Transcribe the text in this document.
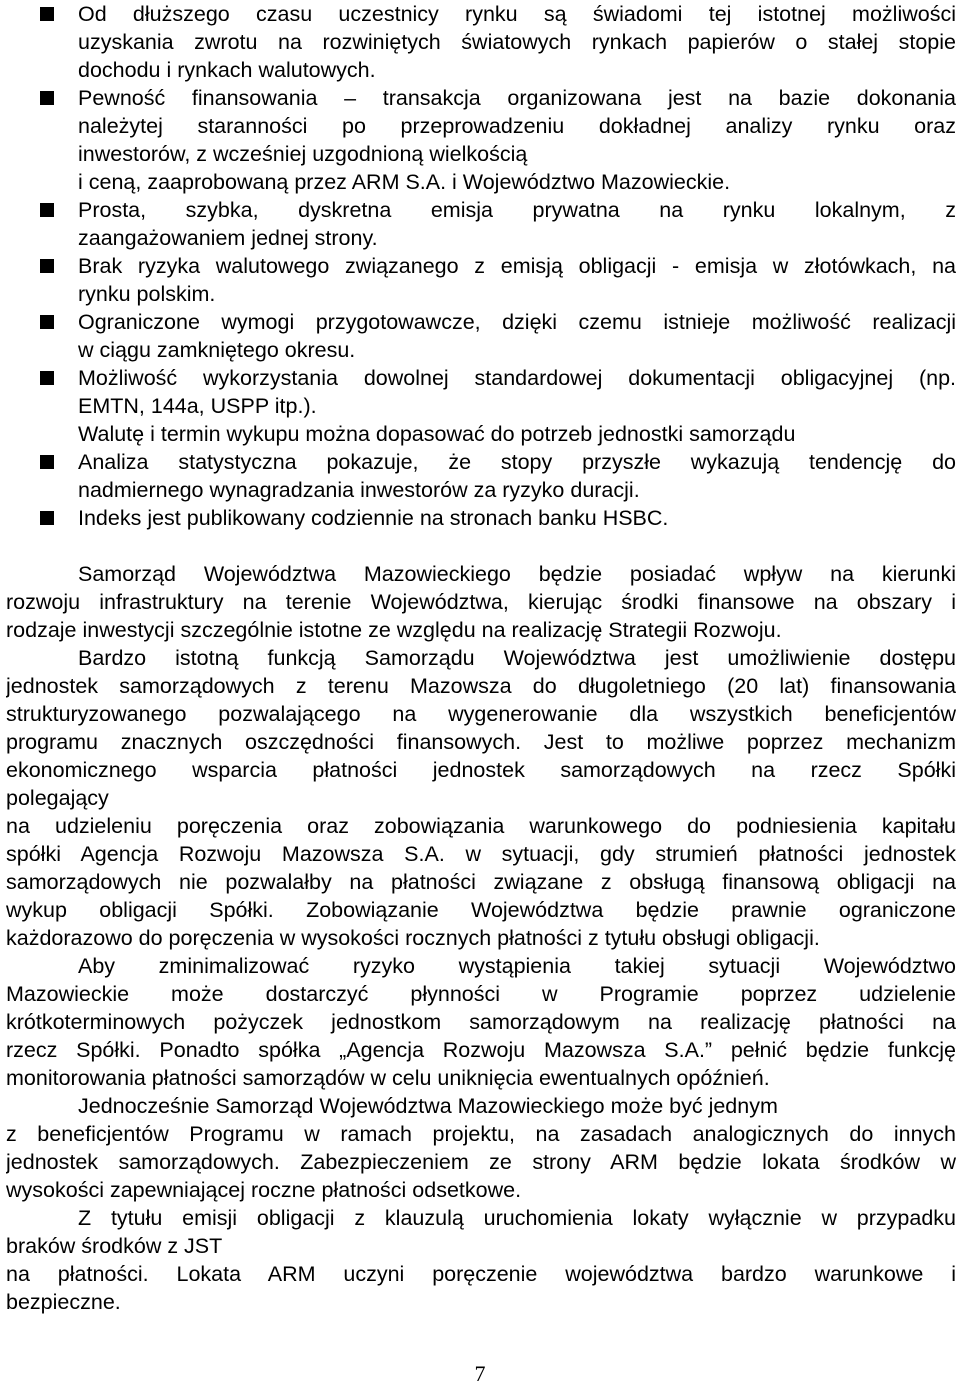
Od dłuższego czasu uczestnicy rynku są świadomi tej istotnej możliwości
uzyskania zwrotu na rozwiniętych światowych rynkach papierów o stałej stopie
dochodu i rynkach walutowych.
Pewność finansowania – transakcja organizowana jest na bazie dokonania
należytej staranności po przeprowadzeniu dokładnej analizy rynku oraz
inwestorów, z wcześniej uzgodnioną wielkością
i ceną, zaaprobowaną przez ARM S.A. i Województwo Mazowieckie.
Prosta, szybka, dyskretna emisja prywatna na rynku lokalnym, z
zaangażowaniem jednej strony.
Brak ryzyka walutowego związanego z emisją obligacji - emisja w złotówkach, na
rynku polskim.
Ograniczone wymogi przygotowawcze, dzięki czemu istnieje możliwość realizacji
w ciągu zamkniętego okresu.
Możliwość wykorzystania dowolnej standardowej dokumentacji obligacyjnej (np.
EMTN, 144a, USPP itp.).
Walutę i termin wykupu można dopasować do potrzeb jednostki samorządu
Analiza statystyczna pokazuje, że stopy przyszłe wykazują tendencję do
nadmiernego wynagradzania inwestorów za ryzyko duracji.
Indeks jest publikowany codziennie na stronach banku HSBC.
Samorząd Województwa Mazowieckiego będzie posiadać wpływ na kierunki
rozwoju infrastruktury na terenie Województwa, kierując środki finansowe na obszary i
rodzaje inwestycji szczególnie istotne ze względu na realizację Strategii Rozwoju.
Bardzo istotną funkcją Samorządu Województwa jest umożliwienie dostępu
jednostek samorządowych z terenu Mazowsza do długoletniego (20 lat) finansowania
strukturyzowanego pozwalającego na wygenerowanie dla wszystkich beneficjentów
programu znacznych oszczędności finansowych. Jest to możliwe poprzez mechanizm
ekonomicznego wsparcia płatności jednostek samorządowych na rzecz Spółki
polegający
na udzieleniu poręczenia oraz zobowiązania warunkowego do podniesienia kapitału
spółki Agencja Rozwoju Mazowsza S.A. w sytuacji, gdy strumień płatności jednostek
samorządowych nie pozwalałby na płatności związane z obsługą finansową obligacji na
wykup obligacji Spółki. Zobowiązanie Województwa będzie prawnie ograniczone
każdorazowo do poręczenia w wysokości rocznych płatności z tytułu obsługi obligacji.
Aby zminimalizować ryzyko wystąpienia takiej sytuacji Województwo
Mazowieckie może dostarczyć płynności w Programie poprzez udzielenie
krótkoterminowych pożyczek jednostkom samorządowym na realizację płatności na
rzecz Spółki. Ponadto spółka „Agencja Rozwoju Mazowsza S.A.” pełnić będzie funkcję
monitorowania płatności samorządów w celu uniknięcia ewentualnych opóźnień.
Jednocześnie Samorząd Województwa Mazowieckiego może być jednym
z beneficjentów Programu w ramach projektu, na zasadach analogicznych do innych
jednostek samorządowych. Zabezpieczeniem ze strony ARM będzie lokata środków w
wysokości zapewniającej roczne płatności odsetkowe.
Z tytułu emisji obligacji z klauzulą uruchomienia lokaty wyłącznie w przypadku
braków środków z JST
na płatności. Lokata ARM uczyni poręczenie województwa bardzo warunkowe i
bezpieczne.
7
